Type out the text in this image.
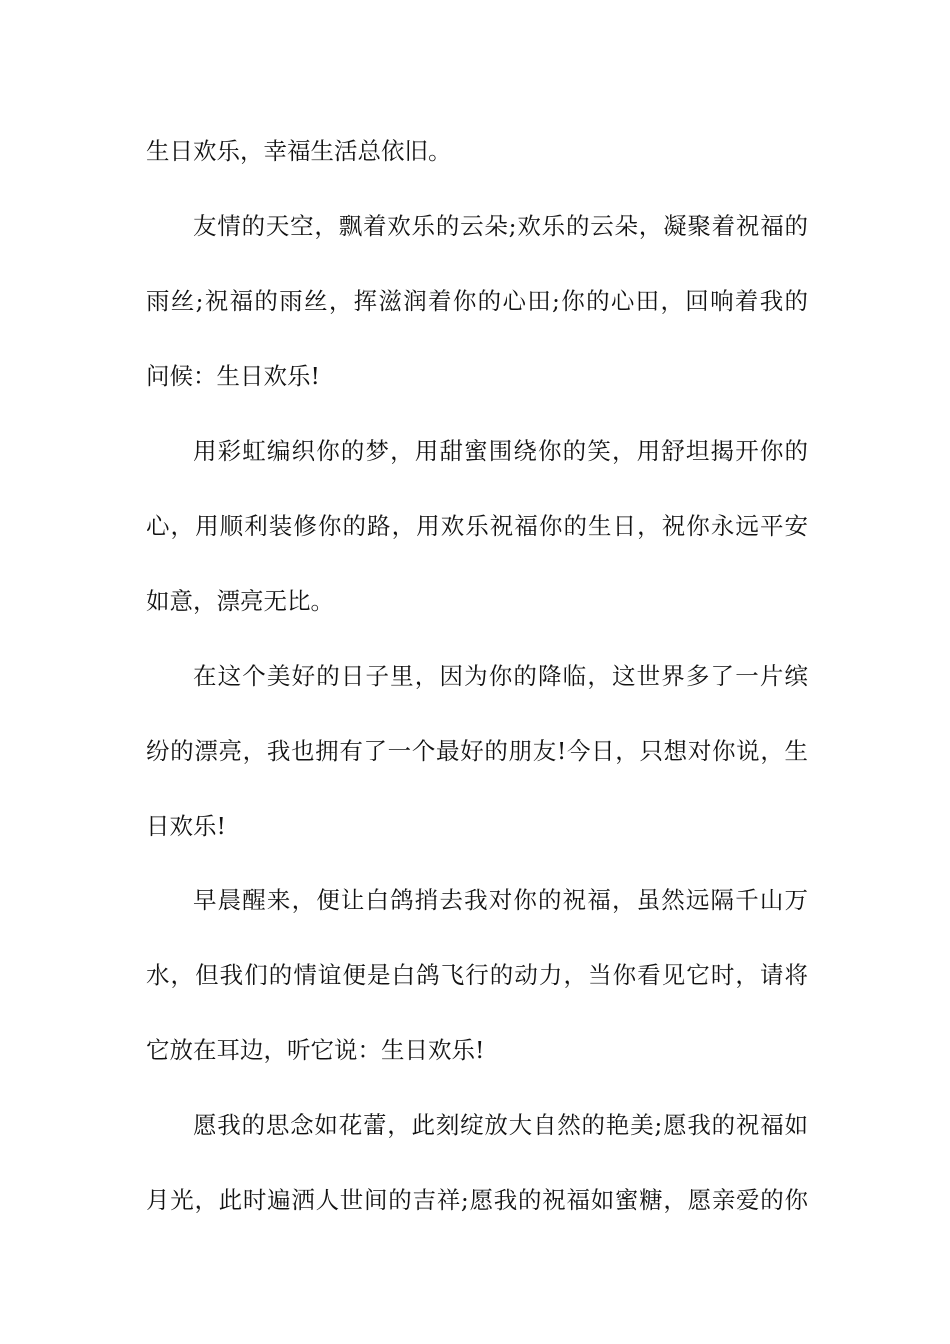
生日欢乐，幸福生活总依旧。
友情的天空，飘着欢乐的云朵;欢乐的云朵，凝聚着祝福的
雨丝;祝福的雨丝，挥滋润着你的心田;你的心田，回响着我的
问候：生日欢乐!
用彩虹编织你的梦，用甜蜜围绕你的笑，用舒坦揭开你的
心，用顺利装修你的路，用欢乐祝福你的生日，祝你永远平安
如意，漂亮无比。
在这个美好的日子里，因为你的降临，这世界多了一片缤
纷的漂亮，我也拥有了一个最好的朋友!今日，只想对你说，生
日欢乐!
早晨醒来，便让白鸽捎去我对你的祝福，虽然远隔千山万
水，但我们的情谊便是白鸽飞行的动力，当你看见它时，请将
它放在耳边，听它说：生日欢乐!
愿我的思念如花蕾，此刻绽放大自然的艳美;愿我的祝福如
月光，此时遍洒人世间的吉祥;愿我的祝福如蜜糖，愿亲爱的你
